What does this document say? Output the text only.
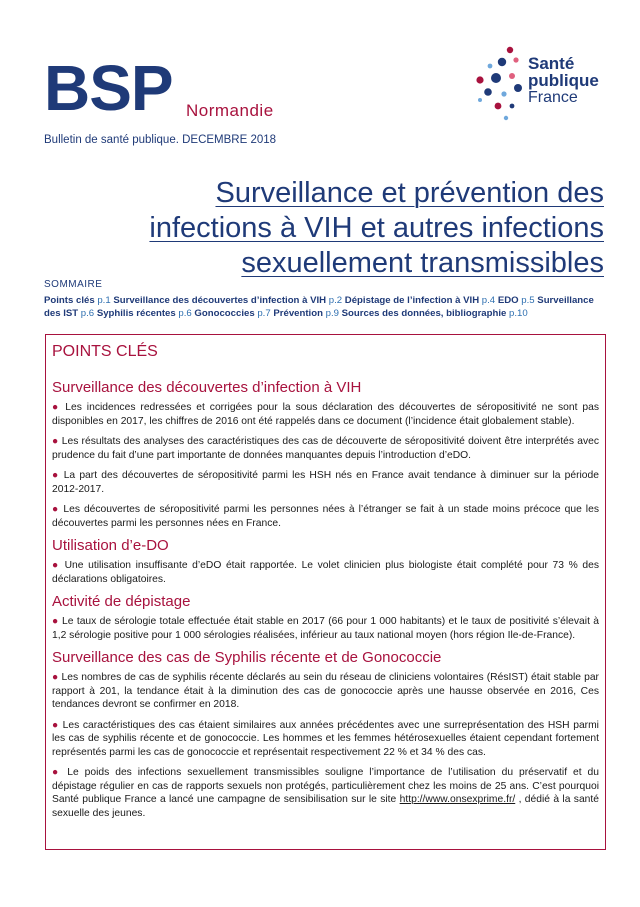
BSP Normandie
Bulletin de santé publique. DECEMBRE 2018
Santé
publique
France
Surveillance et prévention des
infections à VIH et autres infections
sexuellement transmissibles
SOMMAIRE
Points clés p.1 Surveillance des découvertes d’infection à VIH p.2 Dépistage de l’infection à VIH p.4 EDO p.5 Surveillance des IST p.6 Syphilis récentes p.6 Gonococcies p.7 Prévention p.9 Sources des données, bibliographie p.10
POINTS CLÉS
Surveillance des découvertes d’infection à VIH

● Les incidences redressées et corrigées pour la sous déclaration des découvertes de séropositivité ne sont pas disponibles en 2017, les chiffres de 2016 ont été rappelés dans ce document (l’incidence était globalement stable).

● Les résultats des analyses des caractéristiques des cas de découverte de séropositivité doivent être interprétés avec prudence du fait d’une part importante de données manquantes depuis l’introduction d’eDO.

● La part des découvertes de séropositivité parmi les HSH nés en France avait tendance à diminuer sur la période 2012-2017.

● Les découvertes de séropositivité parmi les personnes nées à l’étranger se fait à un stade moins précoce que les découvertes parmi les personnes nées en France.

Utilisation d’e-DO

● Une utilisation insuffisante d’eDO était rapportée. Le volet clinicien plus biologiste était complété pour 73 % des déclarations obligatoires.

Activité de dépistage

● Le taux de sérologie totale effectuée était stable en 2017 (66 pour 1 000 habitants) et le taux de positivité s’élevait à 1,2 sérologie positive pour 1 000 sérologies réalisées, inférieur au taux national moyen (hors région Ile-de-France).

Surveillance des cas de Syphilis récente et de Gonococcie

● Les nombres de cas de syphilis récente déclarés au sein du réseau de cliniciens volontaires (RésIST) était stable par rapport à 201, la tendance était à la diminution des cas de gonococcie après une hausse observée en 2016, Ces tendances devront se confirmer en 2018.

● Les caractéristiques des cas étaient similaires aux années précédentes avec une surreprésentation des HSH parmi les cas de syphilis récente et de gonococcie. Les hommes et les femmes hétérosexuelles étaient cependant fortement représentés parmi les cas de gonococcie et représentait respectivement 22 % et 34 % des cas.

● Le poids des infections sexuellement transmissibles souligne l’importance de l’utilisation du préservatif et du dépistage régulier en cas de rapports sexuels non protégés, particulièrement chez les moins de 25 ans. C’est pourquoi Santé publique France a lancé une campagne de sensibilisation sur le site http://www.onsexprime.fr/ , dédié à la santé sexuelle des jeunes.
